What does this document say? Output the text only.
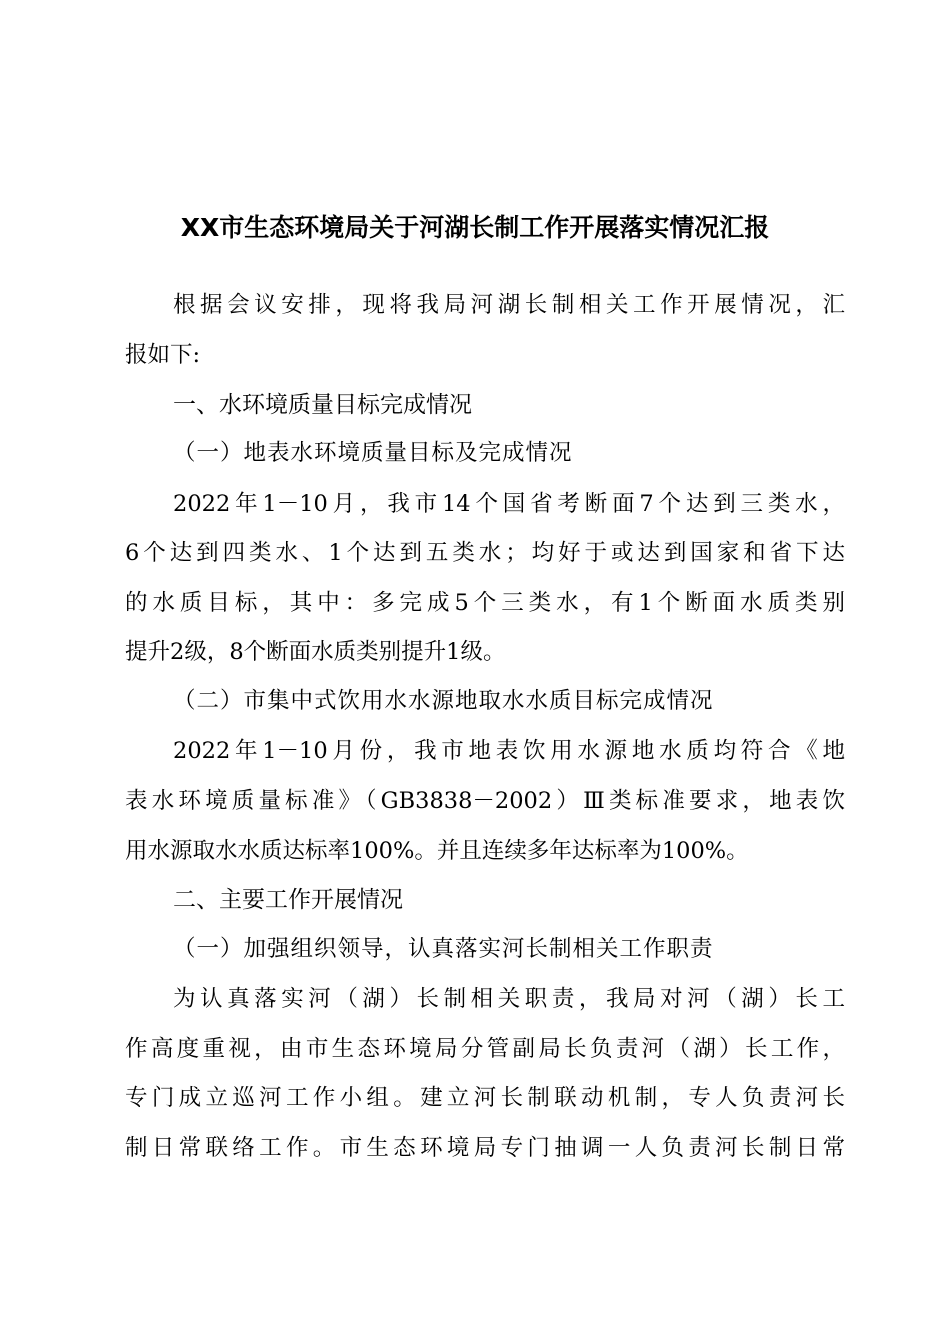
XX市生态环境局关于河湖长制工作开展落实情况汇报
根据会议安排，现将我局河湖长制相关工作开展情况，汇
报如下:
一、水环境质量目标完成情况
（一）地表水环境质量目标及完成情况
2022年1－10月，我市14个国省考断面7个达到三类水，
6个达到四类水、1个达到五类水；均好于或达到国家和省下达
的水质目标，其中：多完成5个三类水，有1个断面水质类别
提升2级，8个断面水质类别提升1级。
（二）市集中式饮用水水源地取水水质目标完成情况
2022年1－10月份，我市地表饮用水源地水质均符合《地
表水环境质量标准》（GB3838－2002）Ⅲ类标准要求，地表饮
用水源取水水质达标率100%。并且连续多年达标率为100%。
二、主要工作开展情况
（一）加强组织领导，认真落实河长制相关工作职责
为认真落实河（湖）长制相关职责，我局对河（湖）长工
作高度重视，由市生态环境局分管副局长负责河（湖）长工作，
专门成立巡河工作小组。建立河长制联动机制，专人负责河长
制日常联络工作。市生态环境局专门抽调一人负责河长制日常
